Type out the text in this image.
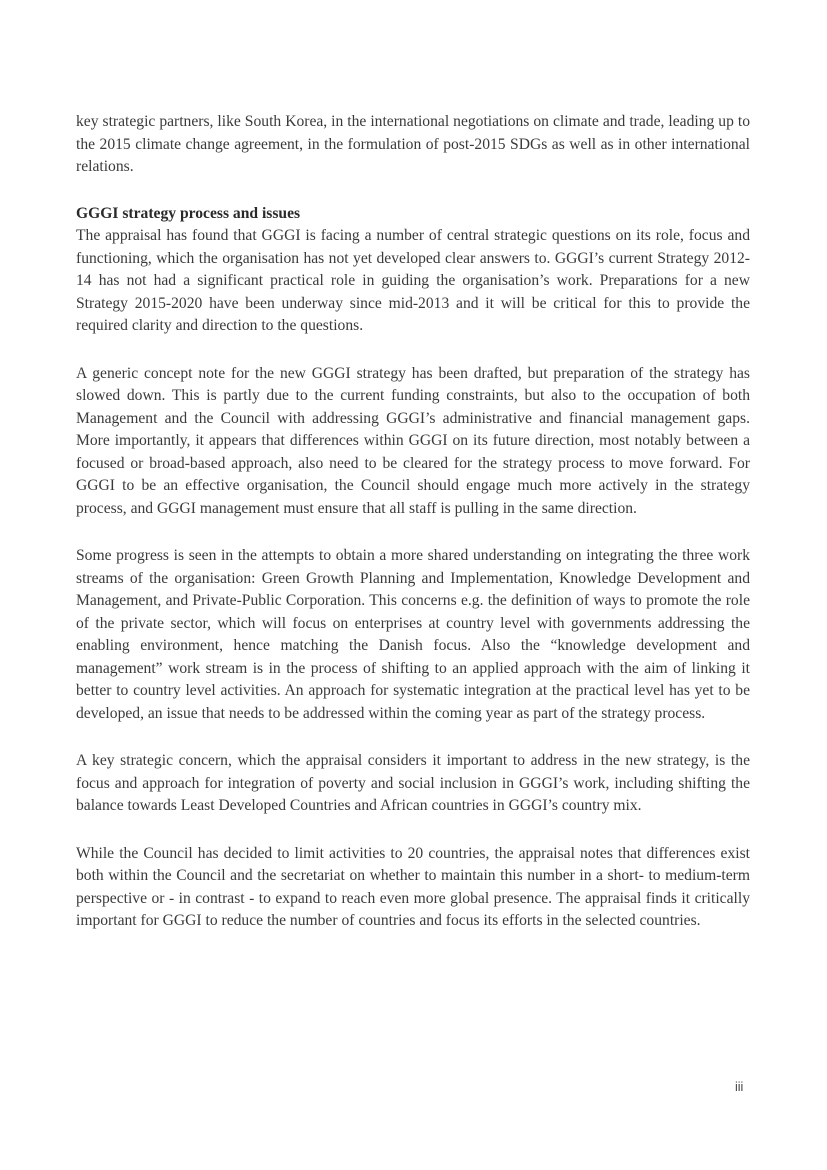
key strategic partners, like South Korea, in the international negotiations on climate and trade, leading up to the 2015 climate change agreement, in the formulation of post-2015 SDGs as well as in other international relations.

GGGI strategy process and issues

The appraisal has found that GGGI is facing a number of central strategic questions on its role, focus and functioning, which the organisation has not yet developed clear answers to. GGGI’s current Strategy 2012-14 has not had a significant practical role in guiding the organisation’s work. Preparations for a new Strategy 2015-2020 have been underway since mid-2013 and it will be critical for this to provide the required clarity and direction to the questions.

A generic concept note for the new GGGI strategy has been drafted, but preparation of the strategy has slowed down. This is partly due to the current funding constraints, but also to the occupation of both Management and the Council with addressing GGGI’s administrative and financial management gaps. More importantly, it appears that differences within GGGI on its future direction, most notably between a focused or broad-based approach, also need to be cleared for the strategy process to move forward. For GGGI to be an effective organisation, the Council should engage much more actively in the strategy process, and GGGI management must ensure that all staff is pulling in the same direction.

Some progress is seen in the attempts to obtain a more shared understanding on integrating the three work streams of the organisation: Green Growth Planning and Implementation, Knowledge Development and Management, and Private-Public Corporation. This concerns e.g. the definition of ways to promote the role of the private sector, which will focus on enterprises at country level with governments addressing the enabling environment, hence matching the Danish focus. Also the “knowledge development and management” work stream is in the process of shifting to an applied approach with the aim of linking it better to country level activities. An approach for systematic integration at the practical level has yet to be developed, an issue that needs to be addressed within the coming year as part of the strategy process.

A key strategic concern, which the appraisal considers it important to address in the new strategy, is the focus and approach for integration of poverty and social inclusion in GGGI’s work, including shifting the balance towards Least Developed Countries and African countries in GGGI’s country mix.

While the Council has decided to limit activities to 20 countries, the appraisal notes that differences exist both within the Council and the secretariat on whether to maintain this number in a short- to medium-term perspective or - in contrast - to expand to reach even more global presence. The appraisal finds it critically important for GGGI to reduce the number of countries and focus its efforts in the selected countries.

iii
